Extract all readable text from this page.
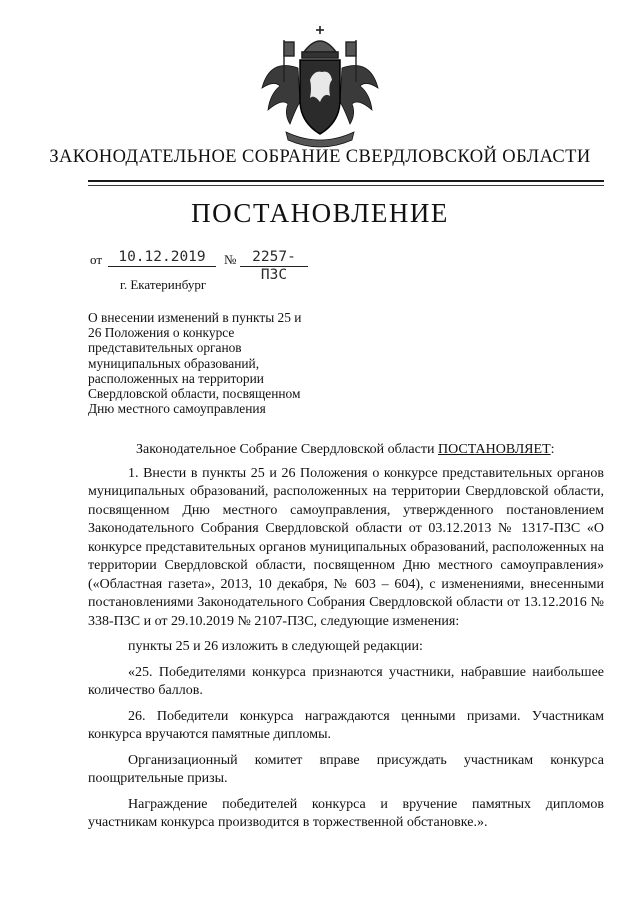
ЗАКОНОДАТЕЛЬНОЕ СОБРАНИЕ СВЕРДЛОВСКОЙ ОБЛАСТИ
ПОСТАНОВЛЕНИЕ
от	10.12.2019	№	2257-ПЗС
г. Екатеринбург
О внесении изменений в пункты 25 и 26 Положения о конкурсе представительных органов муниципальных образований, расположенных на территории Свердловской области, посвященном Дню местного самоуправления

Законодательное Собрание Свердловской области ПОСТАНОВЛЯЕТ:

1. Внести в пункты 25 и 26 Положения о конкурсе представительных органов муниципальных образований, расположенных на территории Свердловской области, посвященном Дню местного самоуправления, утвержденного постановлением Законодательного Собрания Свердловской области от 03.12.2013 № 1317-ПЗС «О конкурсе представительных органов муниципальных образований, расположенных на территории Свердловской области, посвященном Дню местного самоуправления» («Областная газета», 2013, 10 декабря, № 603 – 604), с изменениями, внесенными постановлениями Законодательного Собрания Свердловской области от 13.12.2016 № 338-ПЗС и от 29.10.2019 № 2107-ПЗС, следующие изменения:

пункты 25 и 26 изложить в следующей редакции:

«25. Победителями конкурса признаются участники, набравшие наибольшее количество баллов.

26. Победители конкурса награждаются ценными призами. Участникам конкурса вручаются памятные дипломы.

Организационный комитет вправе присуждать участникам конкурса поощрительные призы.

Награждение победителей конкурса и вручение памятных дипломов участникам конкурса производится в торжественной обстановке.».
